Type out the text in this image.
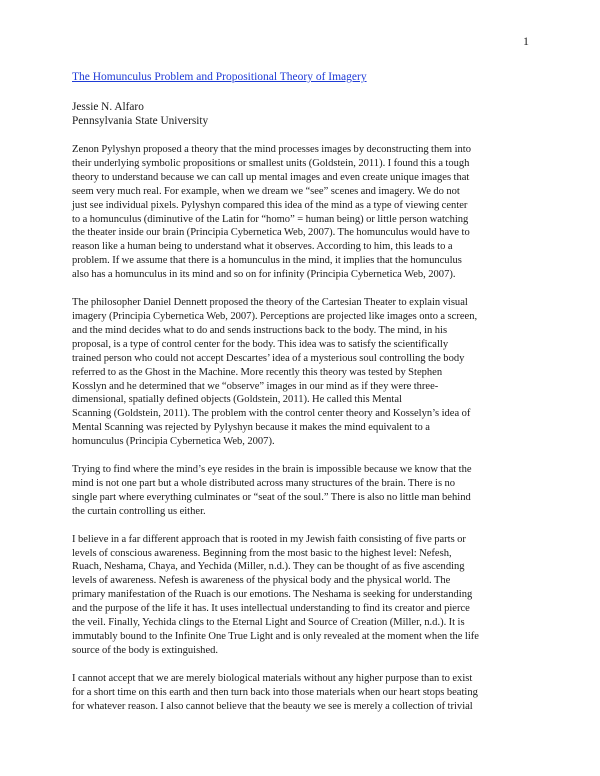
1
The Homunculus Problem and Propositional Theory of Imagery
Jessie N. Alfaro
Pennsylvania State University
Zenon Pylyshyn proposed a theory that the mind processes images by deconstructing them into
their underlying symbolic propositions or smallest units (Goldstein, 2011). I found this a tough
theory to understand because we can call up mental images and even create unique images that
seem very much real. For example, when we dream we “see” scenes and imagery. We do not
just see individual pixels. Pylyshyn compared this idea of the mind as a type of viewing center
to a homunculus (diminutive of the Latin for “homo” = human being) or little person watching
the theater inside our brain (Principia Cybernetica Web, 2007). The homunculus would have to
reason like a human being to understand what it observes. According to him, this leads to a
problem. If we assume that there is a homunculus in the mind, it implies that the homunculus
also has a homunculus in its mind and so on for infinity (Principia Cybernetica Web, 2007).
The philosopher Daniel Dennett proposed the theory of the Cartesian Theater to explain visual
imagery (Principia Cybernetica Web, 2007). Perceptions are projected like images onto a screen,
and the mind decides what to do and sends instructions back to the body. The mind, in his
proposal, is a type of control center for the body. This idea was to satisfy the scientifically
trained person who could not accept Descartes’ idea of a mysterious soul controlling the body
referred to as the Ghost in the Machine. More recently this theory was tested by Stephen
Kosslyn and he determined that we “observe” images in our mind as if they were three-
dimensional, spatially defined objects (Goldstein, 2011). He called this Mental
Scanning (Goldstein, 2011). The problem with the control center theory and Kosselyn’s idea of
Mental Scanning was rejected by Pylyshyn because it makes the mind equivalent to a
homunculus (Principia Cybernetica Web, 2007).
Trying to find where the mind’s eye resides in the brain is impossible because we know that the
mind is not one part but a whole distributed across many structures of the brain. There is no
single part where everything culminates or “seat of the soul.” There is also no little man behind
the curtain controlling us either.
I believe in a far different approach that is rooted in my Jewish faith consisting of five parts or
levels of conscious awareness. Beginning from the most basic to the highest level: Nefesh,
Ruach, Neshama, Chaya, and Yechida (Miller, n.d.). They can be thought of as five ascending
levels of awareness. Nefesh is awareness of the physical body and the physical world. The
primary manifestation of the Ruach is our emotions. The Neshama is seeking for understanding
and the purpose of the life it has. It uses intellectual understanding to find its creator and pierce
the veil. Finally, Yechida clings to the Eternal Light and Source of Creation (Miller, n.d.). It is
immutably bound to the Infinite One True Light and is only revealed at the moment when the life
source of the body is extinguished.
I cannot accept that we are merely biological materials without any higher purpose than to exist
for a short time on this earth and then turn back into those materials when our heart stops beating
for whatever reason. I also cannot believe that the beauty we see is merely a collection of trivial
